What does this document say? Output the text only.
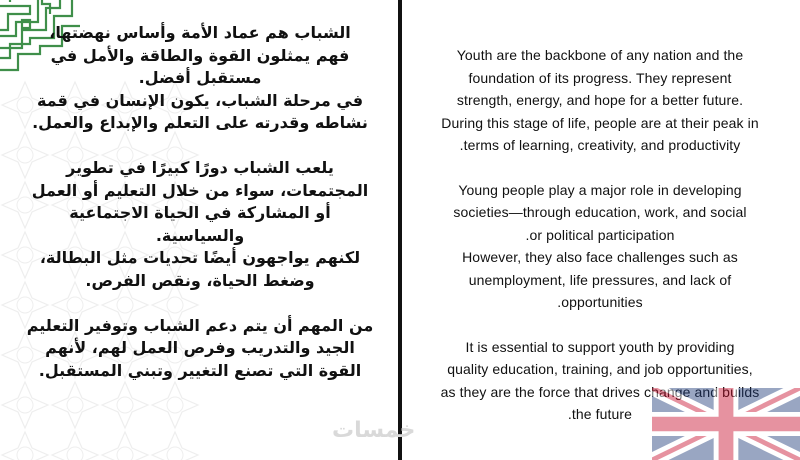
الشباب هم عماد الأمة وأساس نهضتها،

فهم يمثلون القوة والطاقة والأمل في

مستقبل أفضل.

في مرحلة الشباب، يكون الإنسان في قمة

نشاطه وقدرته على التعلم والإبداع والعمل.

يلعب الشباب دورًا كبيرًا في تطوير

المجتمعات، سواء من خلال التعليم أو العمل

أو المشاركة في الحياة الاجتماعية

والسياسية.

لكنهم يواجهون أيضًا تحديات مثل البطالة،

وضغط الحياة، ونقص الفرص.

من المهم أن يتم دعم الشباب وتوفير التعليم

الجيد والتدريب وفرص العمل لهم، لأنهم

القوة التي تصنع التغيير وتبني المستقبل.

Youth are the backbone of any nation and the

foundation of its progress. They represent

strength, energy, and hope for a better future.

During this stage of life, people are at their peak in

.terms of learning, creativity, and productivity

Young people play a major role in developing

societies—through education, work, and social

.or political participation

However, they also face challenges such as

unemployment, life pressures, and lack of

.opportunities

It is essential to support youth by providing

quality education, training, and job opportunities,

as they are the force that drives change and builds

.the future

خمسات
